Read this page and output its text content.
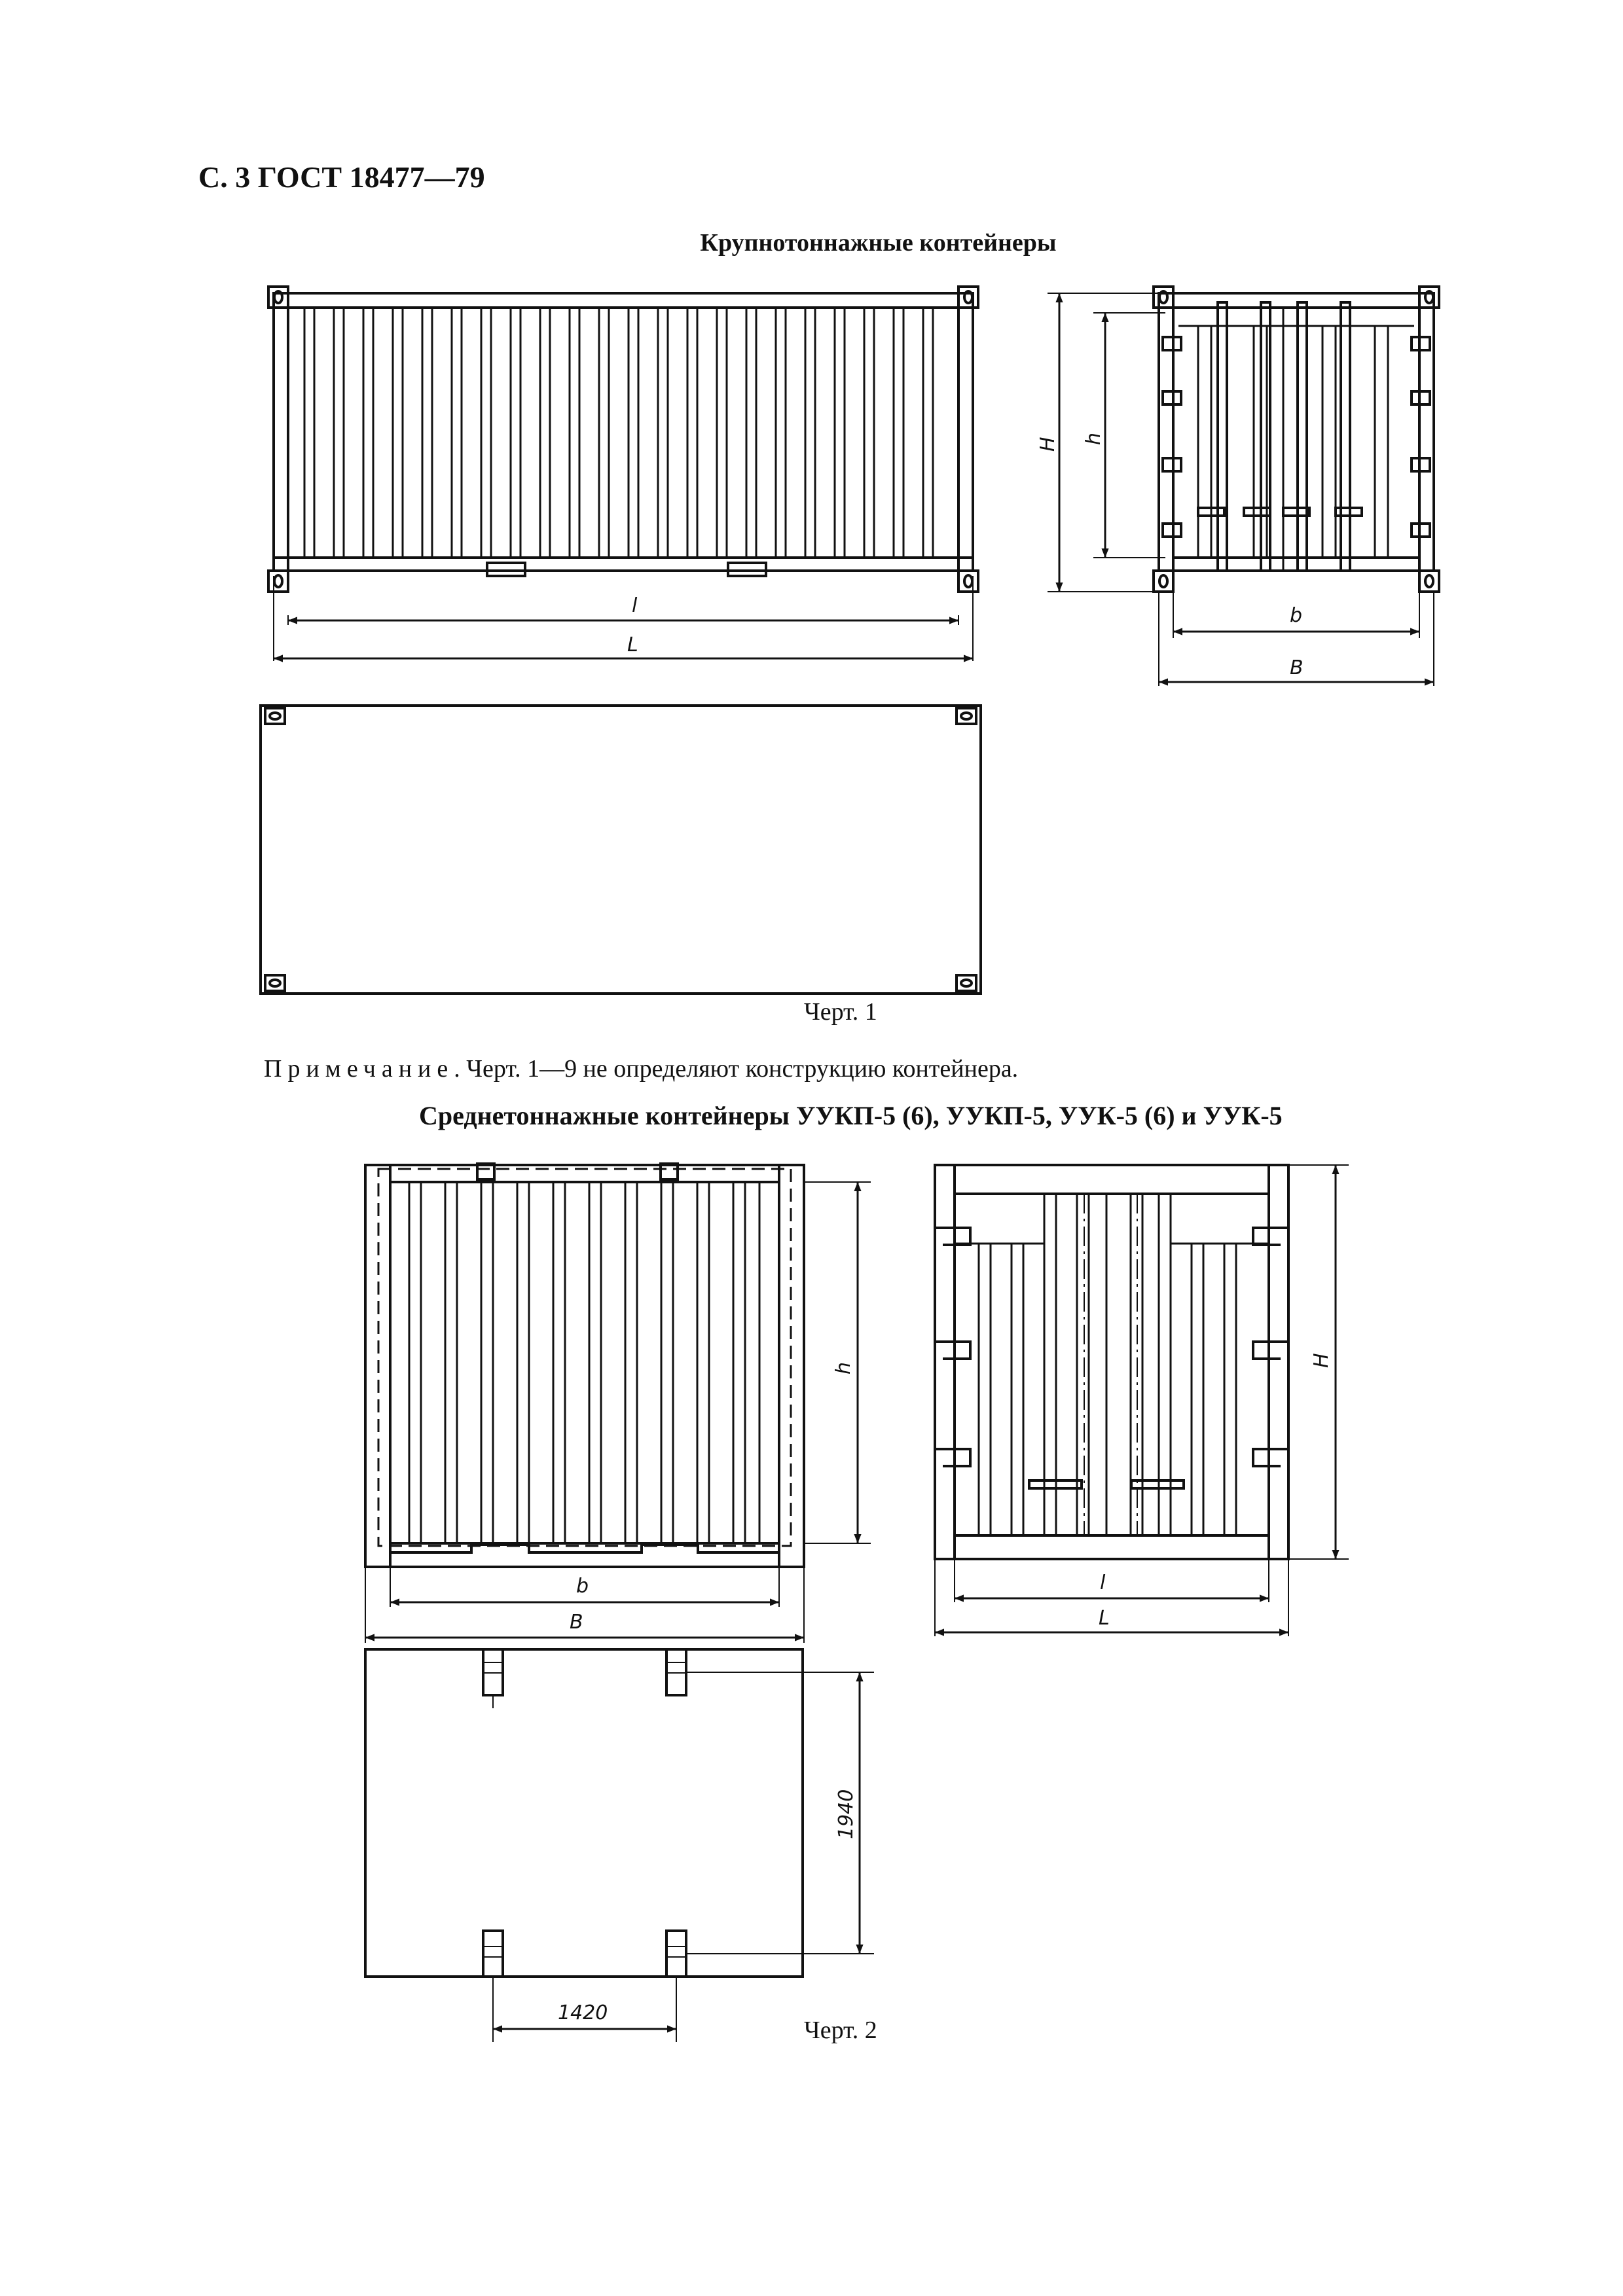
С. 3 ГОСТ 18477—79
Крупнотоннажные контейнеры
l
L
H h
b
B
h
b
B
H
l
L
1940
1420
Черт. 1
Примечание. Черт. 1—9 не определяют конструкцию контейнера.
Среднетоннажные контейнеры УУКП-5 (6), УУКП-5, УУК-5 (6) и УУК-5
Черт. 2
